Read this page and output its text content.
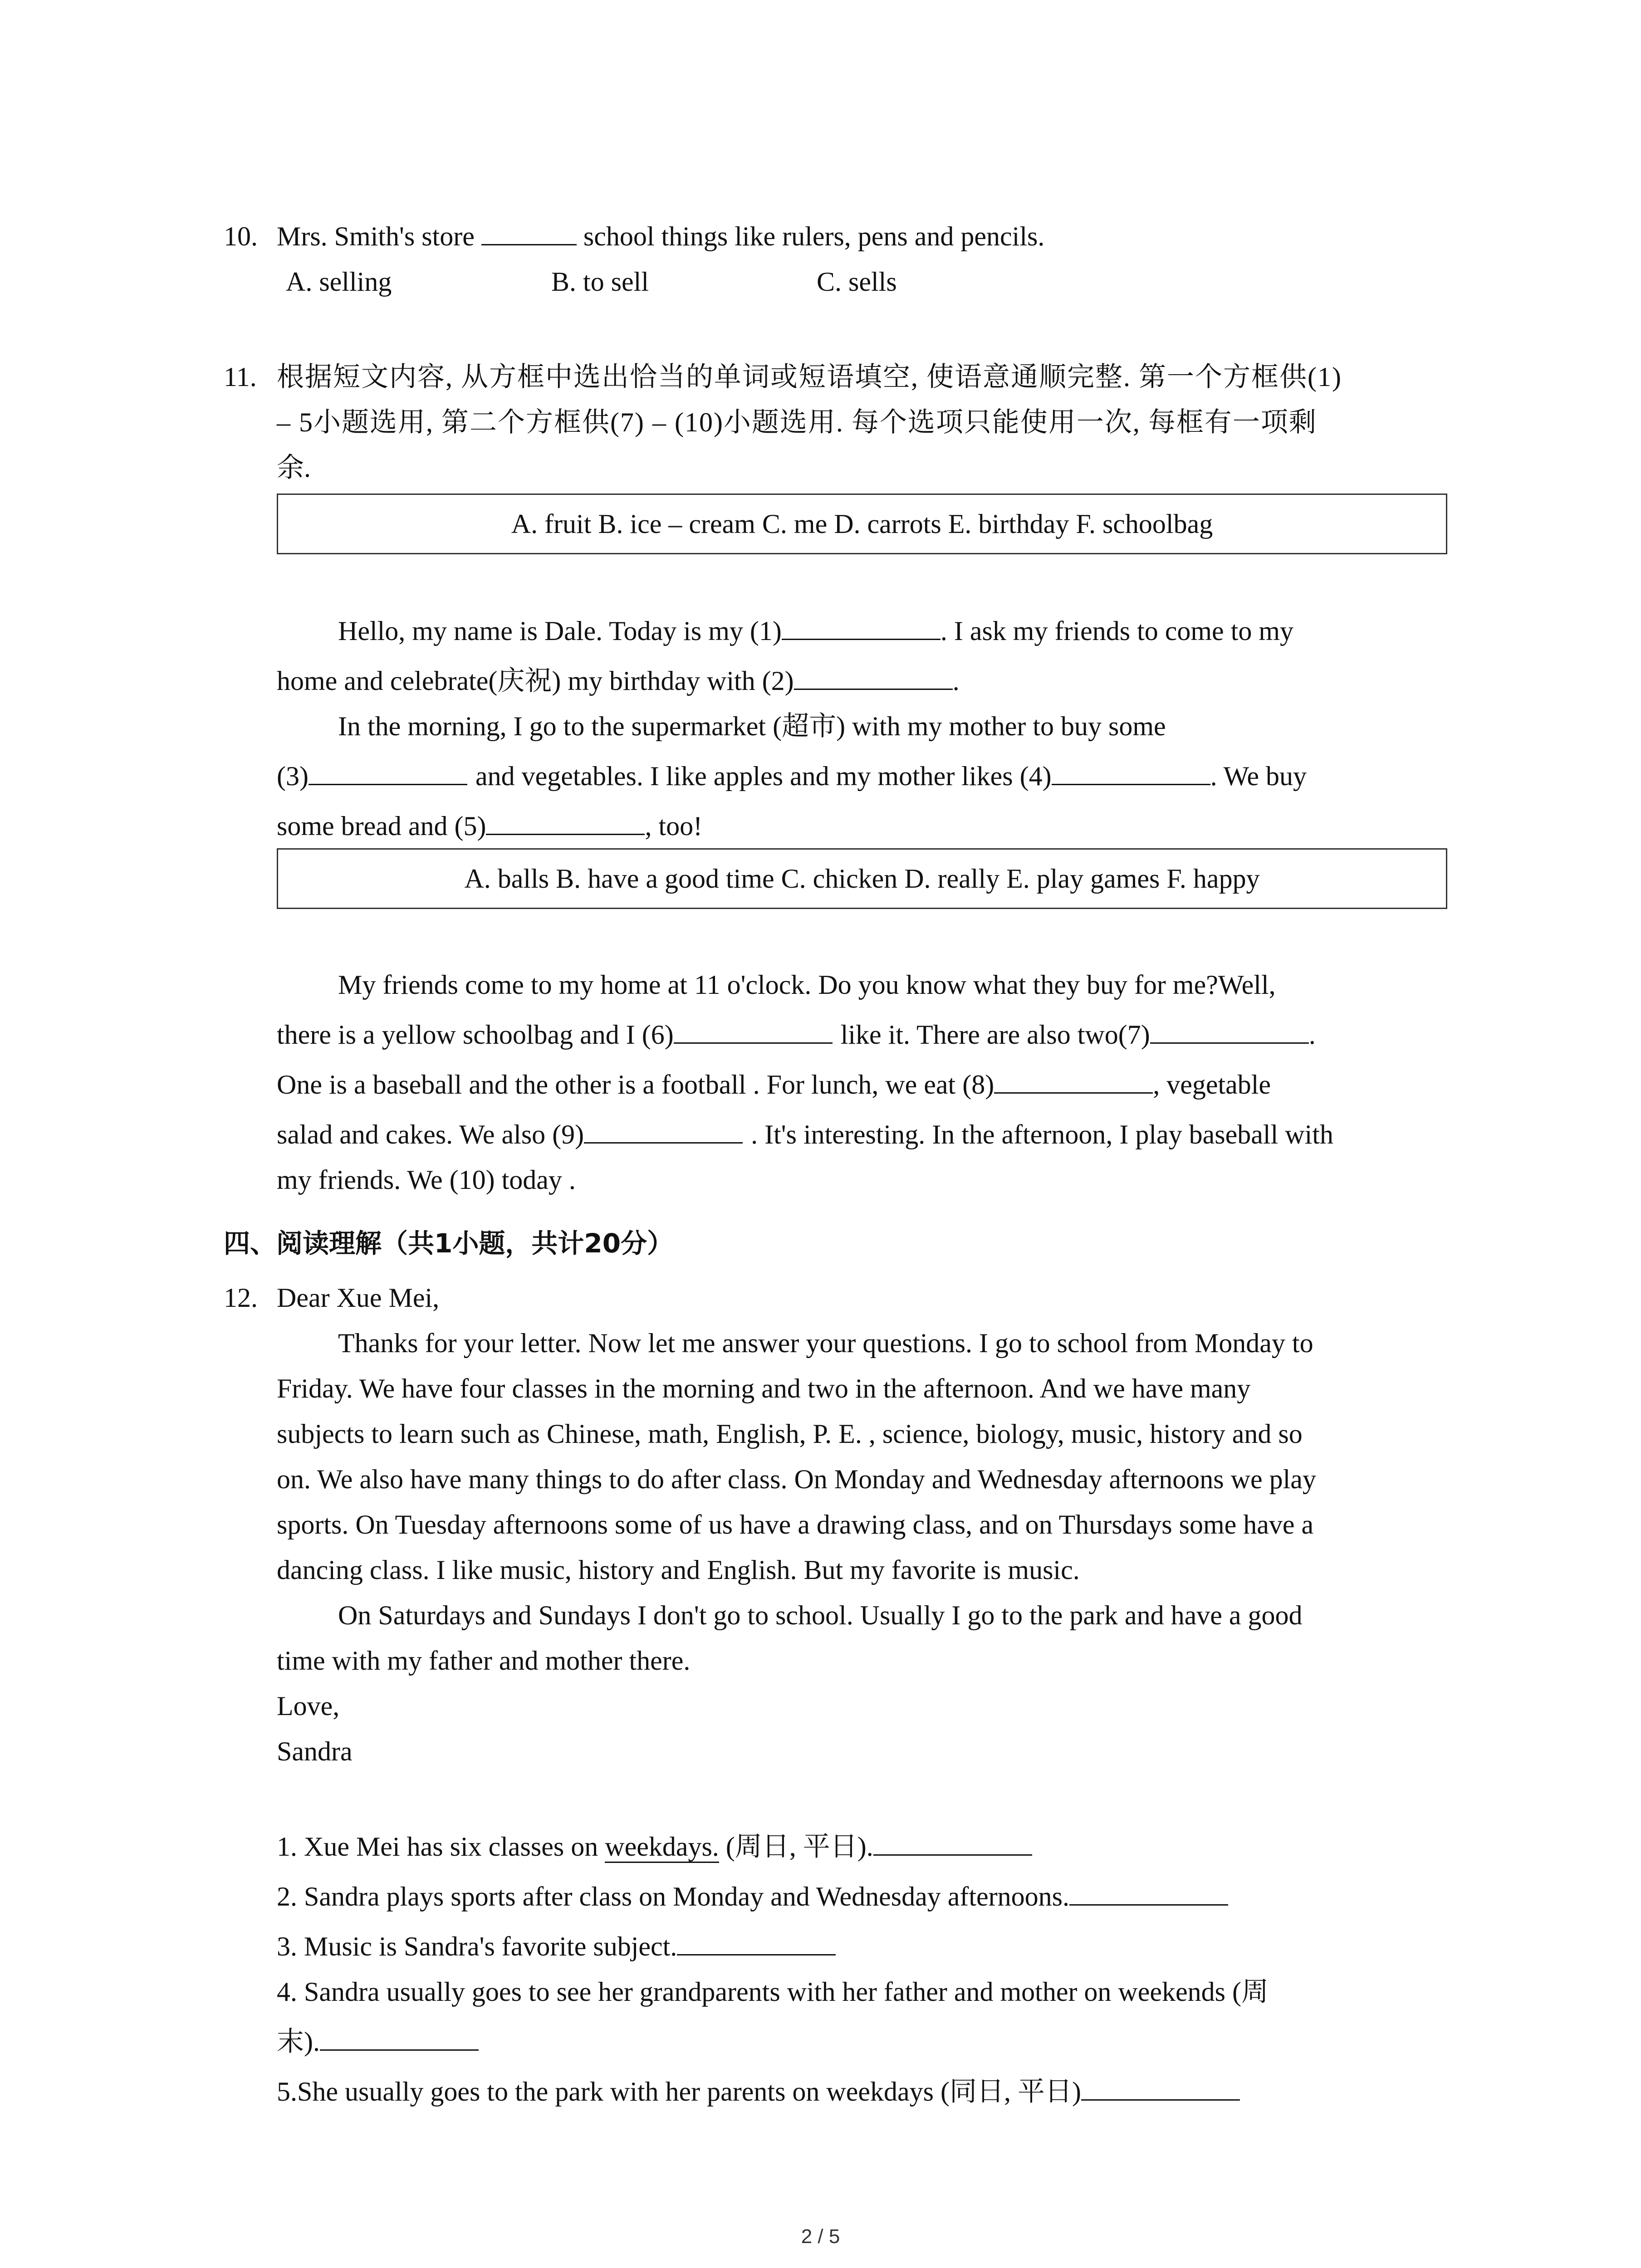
10. Mrs. Smith's store	school things like rulers, pens and pencils.
A. selling	B. to sell	C. sells
11. 根据短文内容, 从方框中选出恰当的单词或短语填空, 使语意通顺完整. 第一个方框供(1)
– 5小题选用, 第二个方框供(7) – (10)小题选用. 每个选项只能使用一次, 每框有一项剩
余.
A. fruit B. ice – cream C. me D. carrots E. birthday F. schoolbag
Hello, my name is Dale. Today is my (1)	. I ask my friends to come to my
home and celebrate(庆祝) my birthday with (2)	.
In the morning, I go to the supermarket (超市) with my mother to buy some
(3)	and vegetables. I like apples and my mother likes (4)	. We buy
some bread and (5)	, too!
A. balls B. have a good time C. chicken D. really E. play games F. happy
My friends come to my home at 11 o'clock. Do you know what they buy for me?Well,
there is a yellow schoolbag and I (6)	like it. There are also two(7)	.
One is a baseball and the other is a football . For lunch, we eat (8)	, vegetable
salad and cakes. We also (9)	. It's interesting. In the afternoon, I play baseball with
my friends. We (10) today .
四、阅读理解（共1小题，共计20分）
12. Dear Xue Mei,
Thanks for your letter. Now let me answer your questions. I go to school from Monday to
Friday. We have four classes in the morning and two in the afternoon. And we have many
subjects to learn such as Chinese, math, English, P. E. , science, biology, music, history and so
on. We also have many things to do after class. On Monday and Wednesday afternoons we play
sports. On Tuesday afternoons some of us have a drawing class, and on Thursdays some have a
dancing class. I like music, history and English. But my favorite is music.
On Saturdays and Sundays I don't go to school. Usually I go to the park and have a good
time with my father and mother there.
Love,
Sandra
1. Xue Mei has six classes on weekdays. (周日, 平日).
2. Sandra plays sports after class on Monday and Wednesday afternoons.
3. Music is Sandra's favorite subject.
4. Sandra usually goes to see her grandparents with her father and mother on weekends (周
末).
5.She usually goes to the park with her parents on weekdays (同日, 平日)
2 / 5
